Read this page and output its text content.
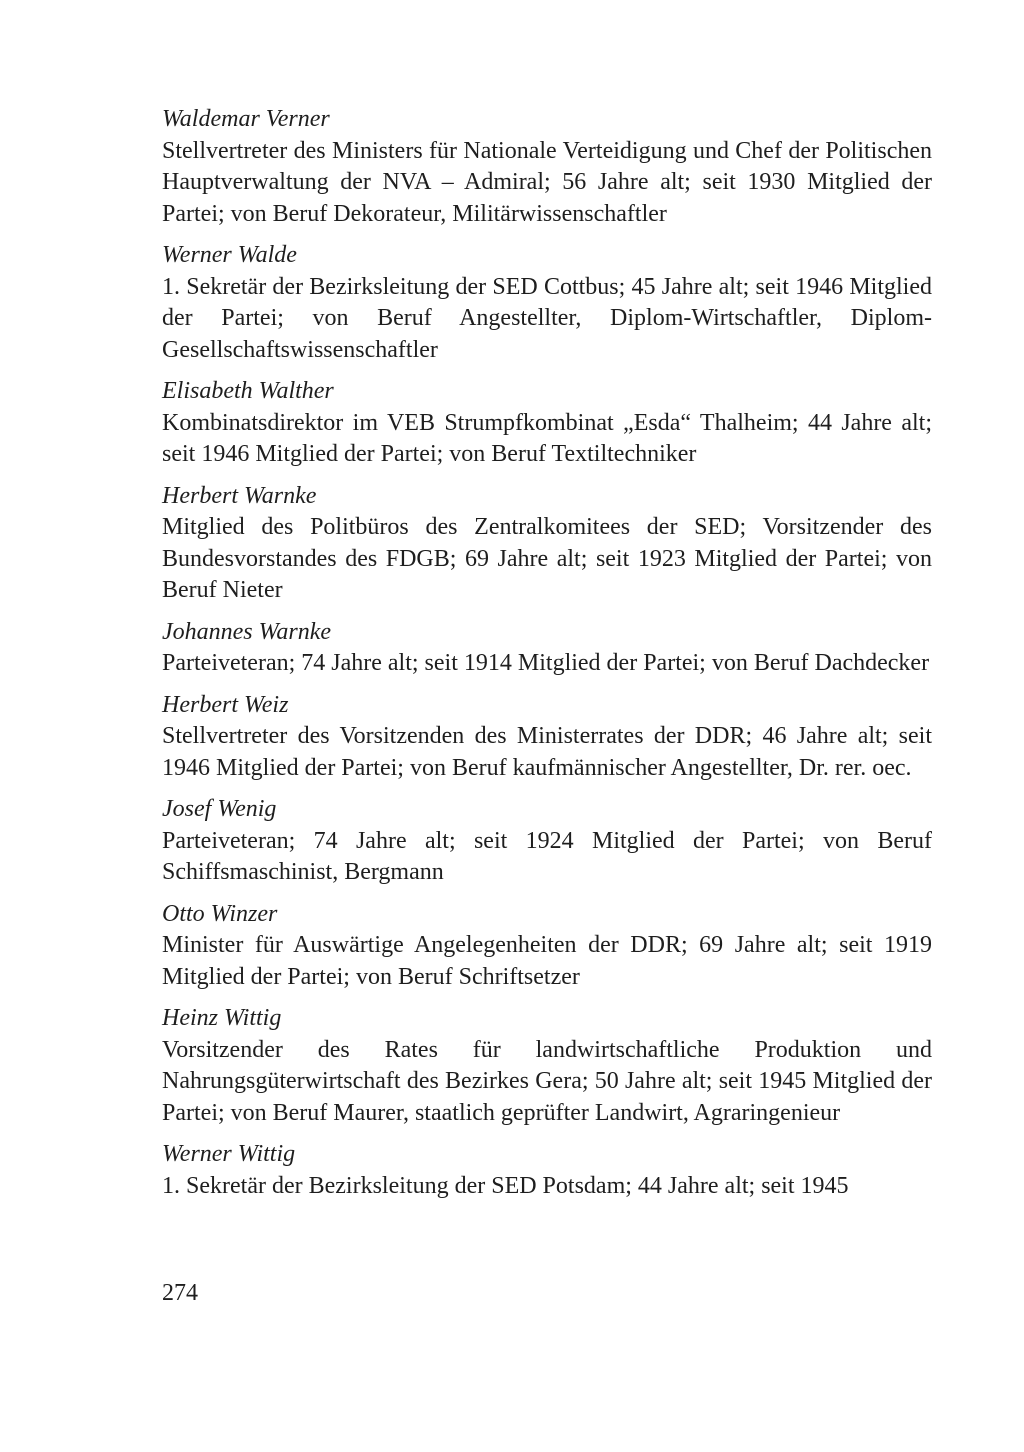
Waldemar Verner
Stellvertreter des Ministers für Nationale Verteidigung und Chef der Politischen Hauptverwaltung der NVA – Admiral; 56 Jahre alt; seit 1930 Mitglied der Partei; von Beruf Dekorateur, Militärwissenschaftler
Werner Walde
1. Sekretär der Bezirksleitung der SED Cottbus; 45 Jahre alt; seit 1946 Mitglied der Partei; von Beruf Angestellter, Diplom-Wirtschaftler, Diplom-Gesellschaftswissenschaftler
Elisabeth Walther
Kombinatsdirektor im VEB Strumpfkombinat „Esda“ Thalheim; 44 Jahre alt; seit 1946 Mitglied der Partei; von Beruf Textiltechniker
Herbert Warnke
Mitglied des Politbüros des Zentralkomitees der SED; Vorsitzender des Bundesvorstandes des FDGB; 69 Jahre alt; seit 1923 Mitglied der Partei; von Beruf Nieter
Johannes Warnke
Parteiveteran; 74 Jahre alt; seit 1914 Mitglied der Partei; von Beruf Dachdecker
Herbert Weiz
Stellvertreter des Vorsitzenden des Ministerrates der DDR; 46 Jahre alt; seit 1946 Mitglied der Partei; von Beruf kaufmännischer Angestellter, Dr. rer. oec.
Josef Wenig
Parteiveteran; 74 Jahre alt; seit 1924 Mitglied der Partei; von Beruf Schiffsmaschinist, Bergmann
Otto Winzer
Minister für Auswärtige Angelegenheiten der DDR; 69 Jahre alt; seit 1919 Mitglied der Partei; von Beruf Schriftsetzer
Heinz Wittig
Vorsitzender des Rates für landwirtschaftliche Produktion und Nahrungsgüterwirtschaft des Bezirkes Gera; 50 Jahre alt; seit 1945 Mitglied der Partei; von Beruf Maurer, staatlich geprüfter Landwirt, Agraringenieur
Werner Wittig
1. Sekretär der Bezirksleitung der SED Potsdam; 44 Jahre alt; seit 1945
274
